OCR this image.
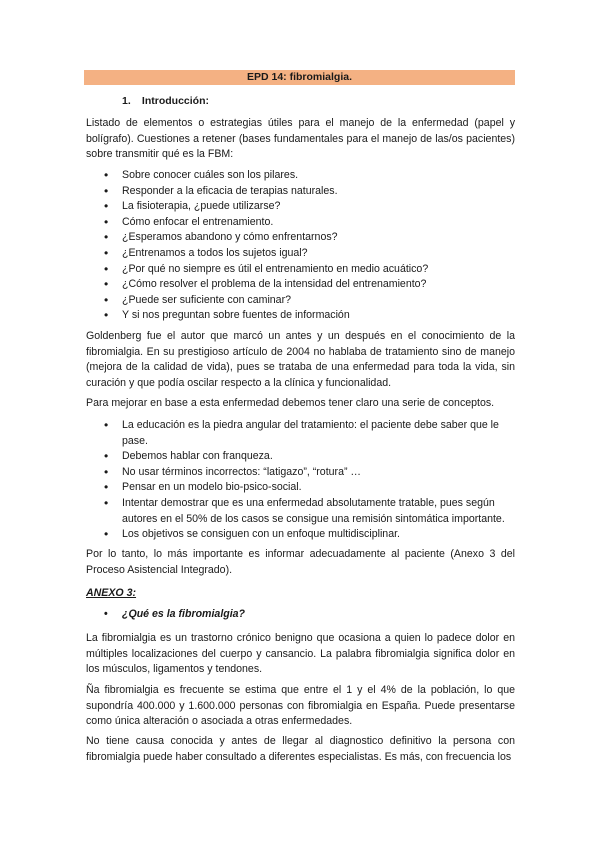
EPD 14: fibromialgia.
1. Introducción:

Listado de elementos o estrategias útiles para el manejo de la enfermedad (papel y bolígrafo). Cuestiones a retener (bases fundamentales para el manejo de las/os pacientes) sobre transmitir qué es la FBM:

• Sobre conocer cuáles son los pilares.
• Responder a la eficacia de terapias naturales.
• La fisioterapia, ¿puede utilizarse?
• Cómo enfocar el entrenamiento.
• ¿Esperamos abandono y cómo enfrentarnos?
• ¿Entrenamos a todos los sujetos igual?
• ¿Por qué no siempre es útil el entrenamiento en medio acuático?
• ¿Cómo resolver el problema de la intensidad del entrenamiento?
• ¿Puede ser suficiente con caminar?
• Y si nos preguntan sobre fuentes de información

Goldenberg fue el autor que marcó un antes y un después en el conocimiento de la fibromialgia. En su prestigioso artículo de 2004 no hablaba de tratamiento sino de manejo (mejora de la calidad de vida), pues se trataba de una enfermedad para toda la vida, sin curación y que podía oscilar respecto a la clínica y funcionalidad.

Para mejorar en base a esta enfermedad debemos tener claro una serie de conceptos.

• La educación es la piedra angular del tratamiento: el paciente debe saber que le pase.
• Debemos hablar con franqueza.
• No usar términos incorrectos: “latigazo”, “rotura” …
• Pensar en un modelo bio-psico-social.
• Intentar demostrar que es una enfermedad absolutamente tratable, pues según autores en el 50% de los casos se consigue una remisión sintomática importante.
• Los objetivos se consiguen con un enfoque multidisciplinar.

Por lo tanto, lo más importante es informar adecuadamente al paciente (Anexo 3 del Proceso Asistencial Integrado).

ANEXO 3:
• ¿Qué es la fibromialgia?

La fibromialgia es un trastorno crónico benigno que ocasiona a quien lo padece dolor en múltiples localizaciones del cuerpo y cansancio. La palabra fibromialgia significa dolor en los músculos, ligamentos y tendones.

Ña fibromialgia es frecuente se estima que entre el 1 y el 4% de la población, lo que supondría 400.000 y 1.600.000 personas con fibromialgia en España. Puede presentarse como única alteración o asociada a otras enfermedades.

No tiene causa conocida y antes de llegar al diagnostico definitivo la persona con fibromialgia puede haber consultado a diferentes especialistas. Es más, con frecuencia los
